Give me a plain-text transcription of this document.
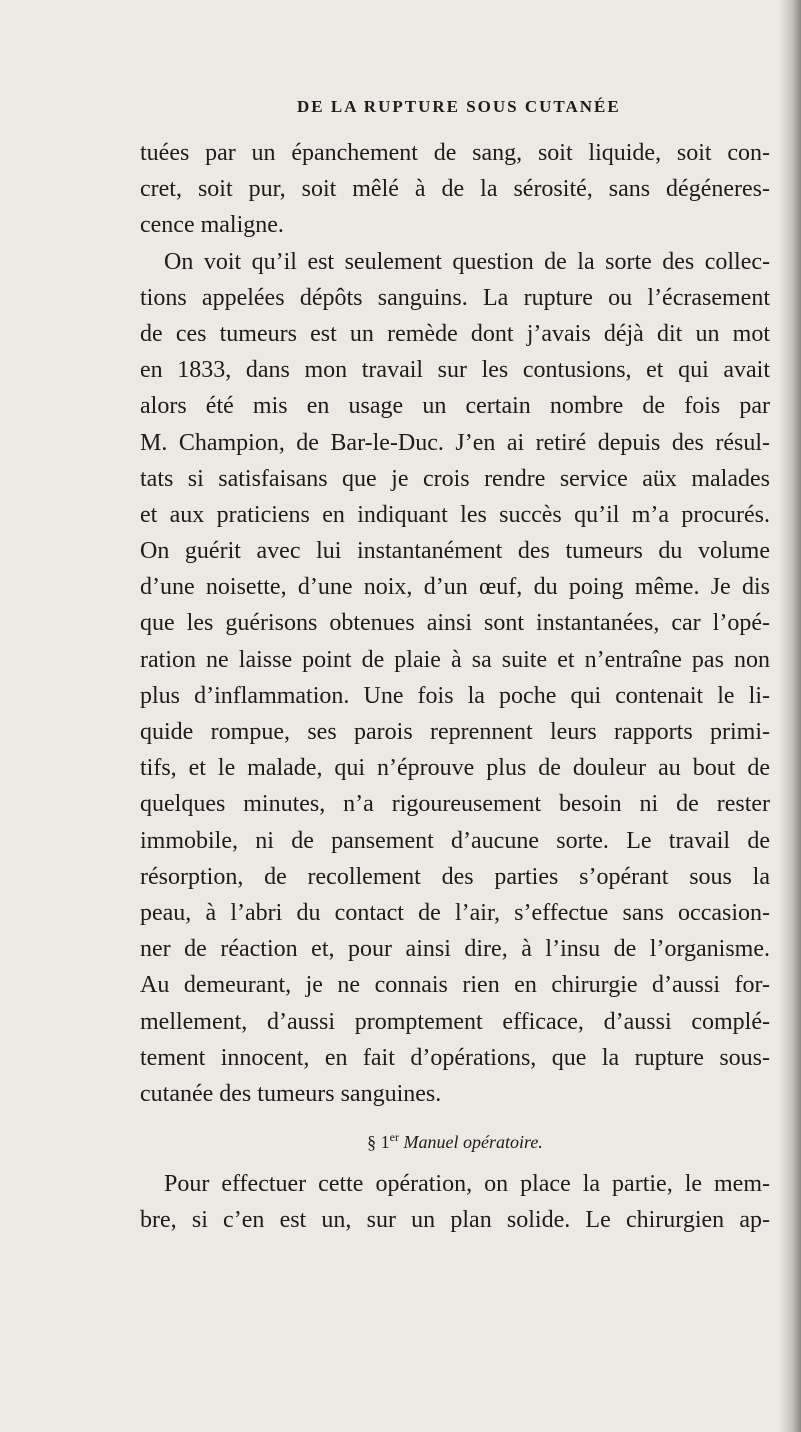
DE LA RUPTURE SOUS CUTANÉE
tuées par un épanchement de sang, soit liquide, soit con-
cret, soit pur, soit mêlé à de la sérosité, sans dégéneres-
cence maligne.
On voit qu’il est seulement question de la sorte des collec-
tions appelées dépôts sanguins. La rupture ou l’écrasement
de ces tumeurs est un remède dont j’avais déjà dit un mot
en 1833, dans mon travail sur les contusions, et qui avait
alors été mis en usage un certain nombre de fois par
M. Champion, de Bar-le-Duc. J’en ai retiré depuis des résul-
tats si satisfaisans que je crois rendre service aüx malades
et aux praticiens en indiquant les succès qu’il m’a procurés.
On guérit avec lui instantanément des tumeurs du volume
d’une noisette, d’une noix, d’un œuf, du poing même. Je dis
que les guérisons obtenues ainsi sont instantanées, car l’opé-
ration ne laisse point de plaie à sa suite et n’entraîne pas non
plus d’inflammation. Une fois la poche qui contenait le li-
quide rompue, ses parois reprennent leurs rapports primi-
tifs, et le malade, qui n’éprouve plus de douleur au bout de
quelques minutes, n’a rigoureusement besoin ni de rester
immobile, ni de pansement d’aucune sorte. Le travail de
résorption, de recollement des parties s’opérant sous la
peau, à l’abri du contact de l’air, s’effectue sans occasion-
ner de réaction et, pour ainsi dire, à l’insu de l’organisme.
Au demeurant, je ne connais rien en chirurgie d’aussi for-
mellement, d’aussi promptement efficace, d’aussi complé-
tement innocent, en fait d’opérations, que la rupture sous-
cutanée des tumeurs sanguines.
§ 1er Manuel opératoire.
Pour effectuer cette opération, on place la partie, le mem-
bre, si c’en est un, sur un plan solide. Le chirurgien ap-
